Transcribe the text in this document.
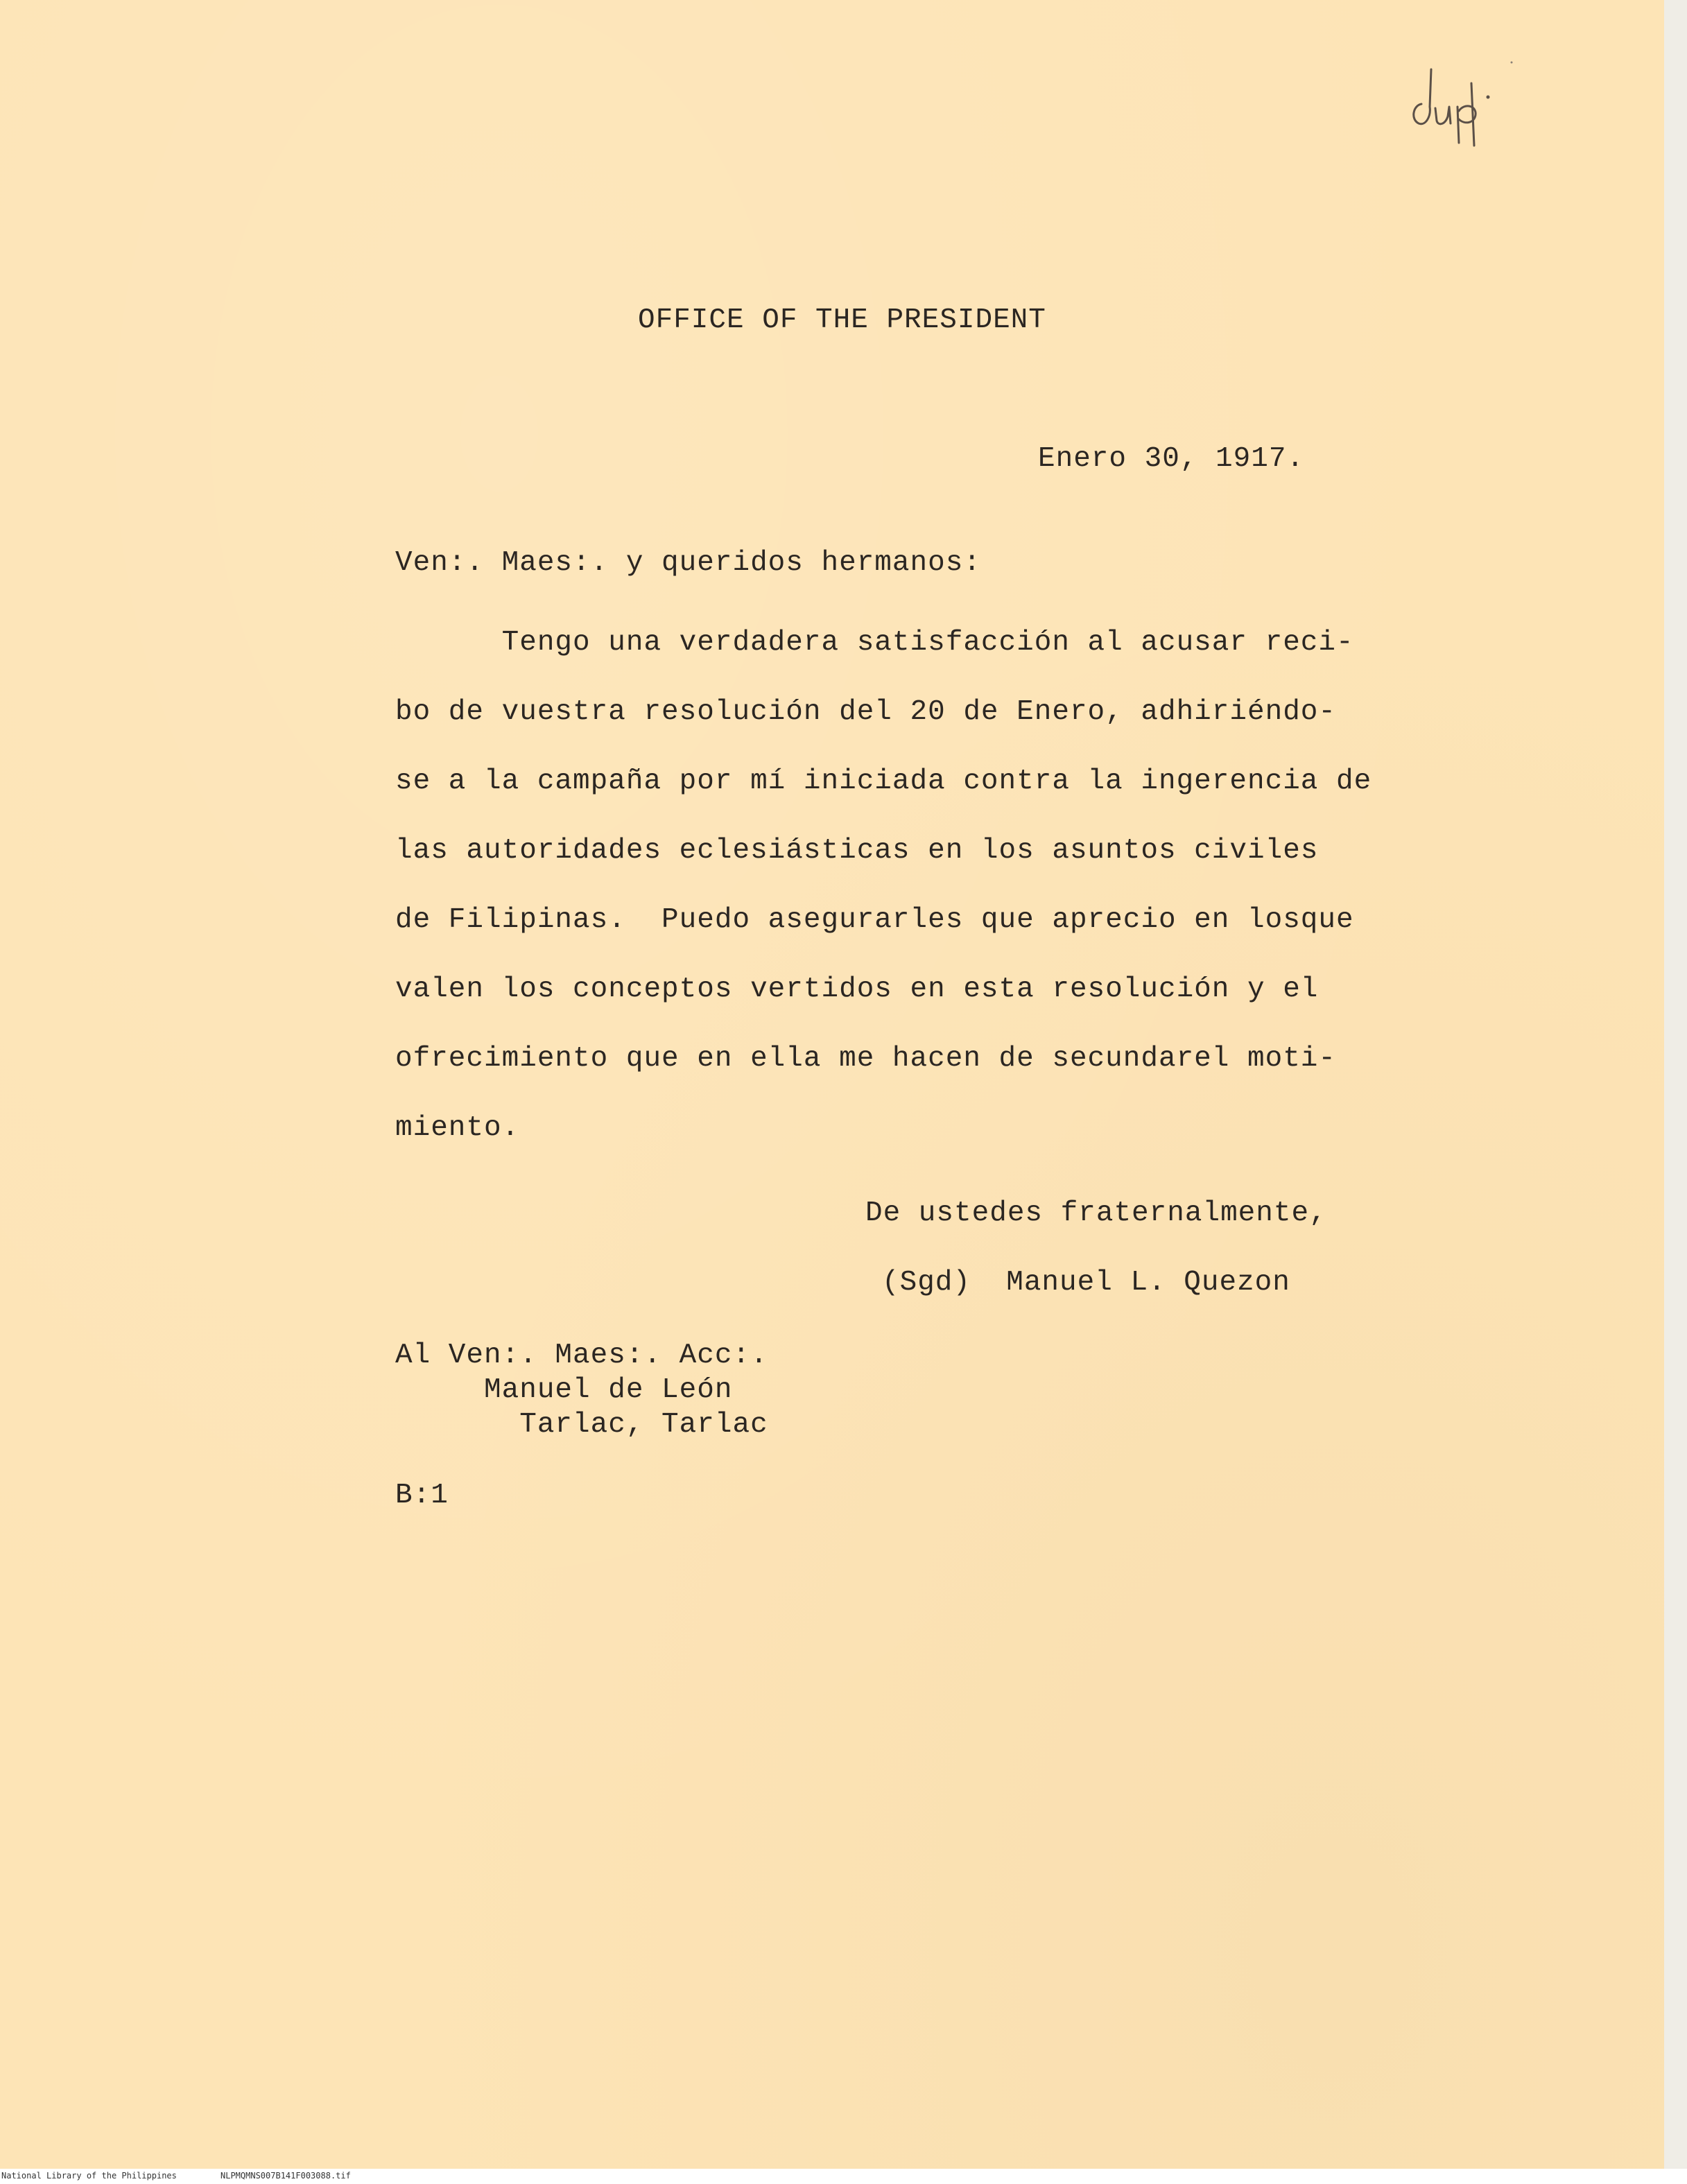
OFFICE OF THE PRESIDENT
Enero 30, 1917.
Ven:. Maes:. y queridos hermanos:
Tengo una verdadera satisfacción al acusar reci-
bo de vuestra resolución del 20 de Enero, adhiriéndo-
se a la campaña por mí iniciada contra la ingerencia de
las autoridades eclesiásticas en los asuntos civiles
de Filipinas.  Puedo asegurarles que aprecio en losque
valen los conceptos vertidos en esta resolución y el
ofrecimiento que en ella me hacen de secundarel moti-
miento.
De ustedes fraternalmente,
(Sgd)  Manuel L. Quezon
Al Ven:. Maes:. Acc:.
Manuel de León
Tarlac, Tarlac
B:1
National Library of the Philippines	NLPMQMNS007B141F003088.tif
